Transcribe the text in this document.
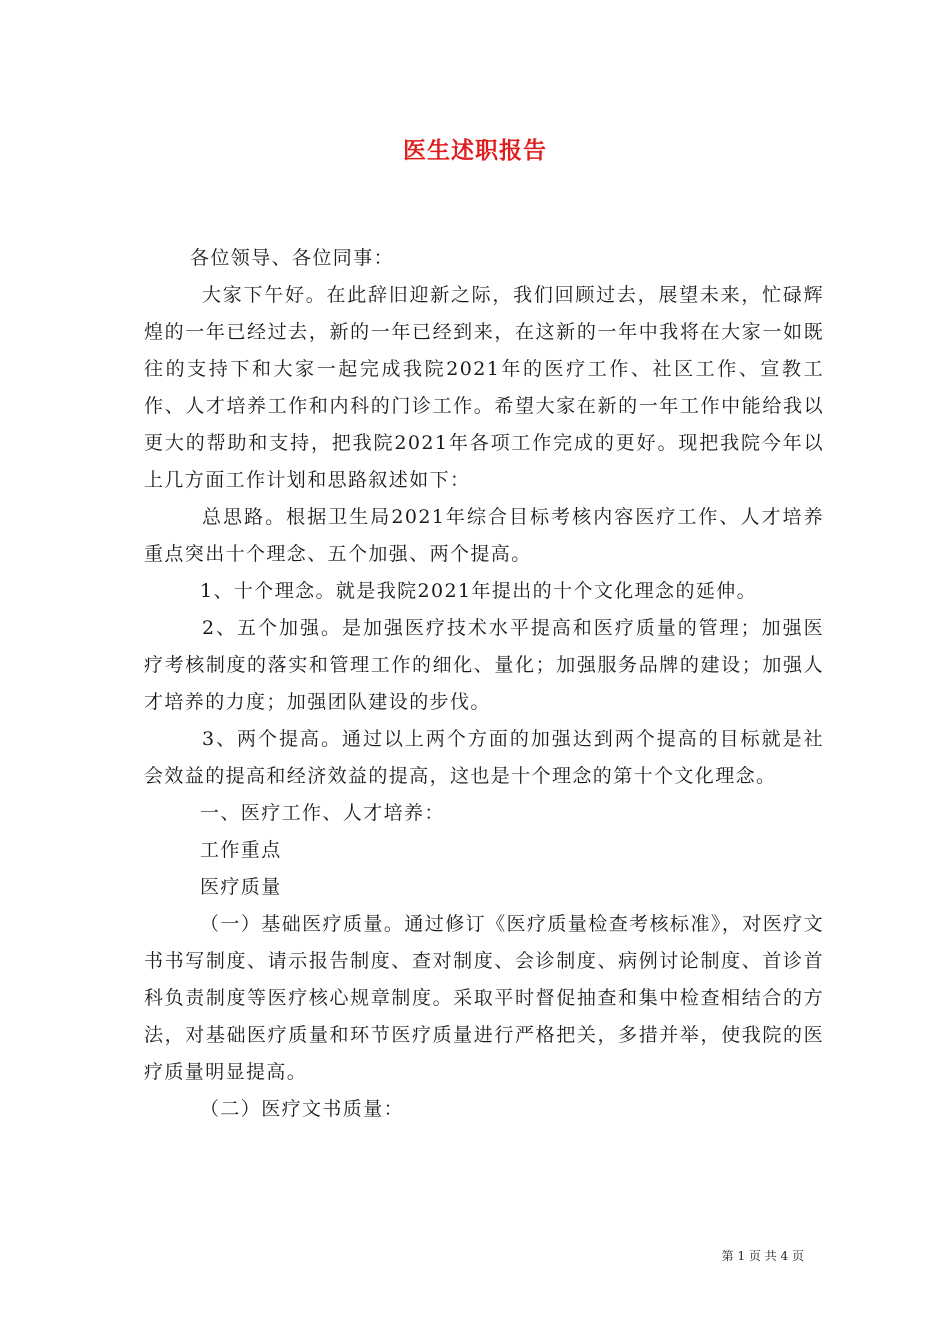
医生述职报告

各位领导、各位同事：

大家下午好。在此辞旧迎新之际，我们回顾过去，展望未来，忙碌辉煌的一年已经过去，新的一年已经到来，在这新的一年中我将在大家一如既往的支持下和大家一起完成我院2021年的医疗工作、社区工作、宣教工作、人才培养工作和内科的门诊工作。希望大家在新的一年工作中能给我以更大的帮助和支持，把我院2021年各项工作完成的更好。现把我院今年以上几方面工作计划和思路叙述如下：

总思路。根据卫生局2021年综合目标考核内容医疗工作、人才培养重点突出十个理念、五个加强、两个提高。

1、十个理念。就是我院2021年提出的十个文化理念的延伸。

2、五个加强。是加强医疗技术水平提高和医疗质量的管理；加强医疗考核制度的落实和管理工作的细化、量化；加强服务品牌的建设；加强人才培养的力度；加强团队建设的步伐。

3、两个提高。通过以上两个方面的加强达到两个提高的目标就是社会效益的提高和经济效益的提高，这也是十个理念的第十个文化理念。

一、医疗工作、人才培养：

工作重点

医疗质量

（一）基础医疗质量。通过修订《医疗质量检查考核标准》，对医疗文书书写制度、请示报告制度、查对制度、会诊制度、病例讨论制度、首诊首科负责制度等医疗核心规章制度。采取平时督促抽查和集中检查相结合的方法，对基础医疗质量和环节医疗质量进行严格把关，多措并举，使我院的医疗质量明显提高。

（二）医疗文书质量：

第 1 页 共 4 页
